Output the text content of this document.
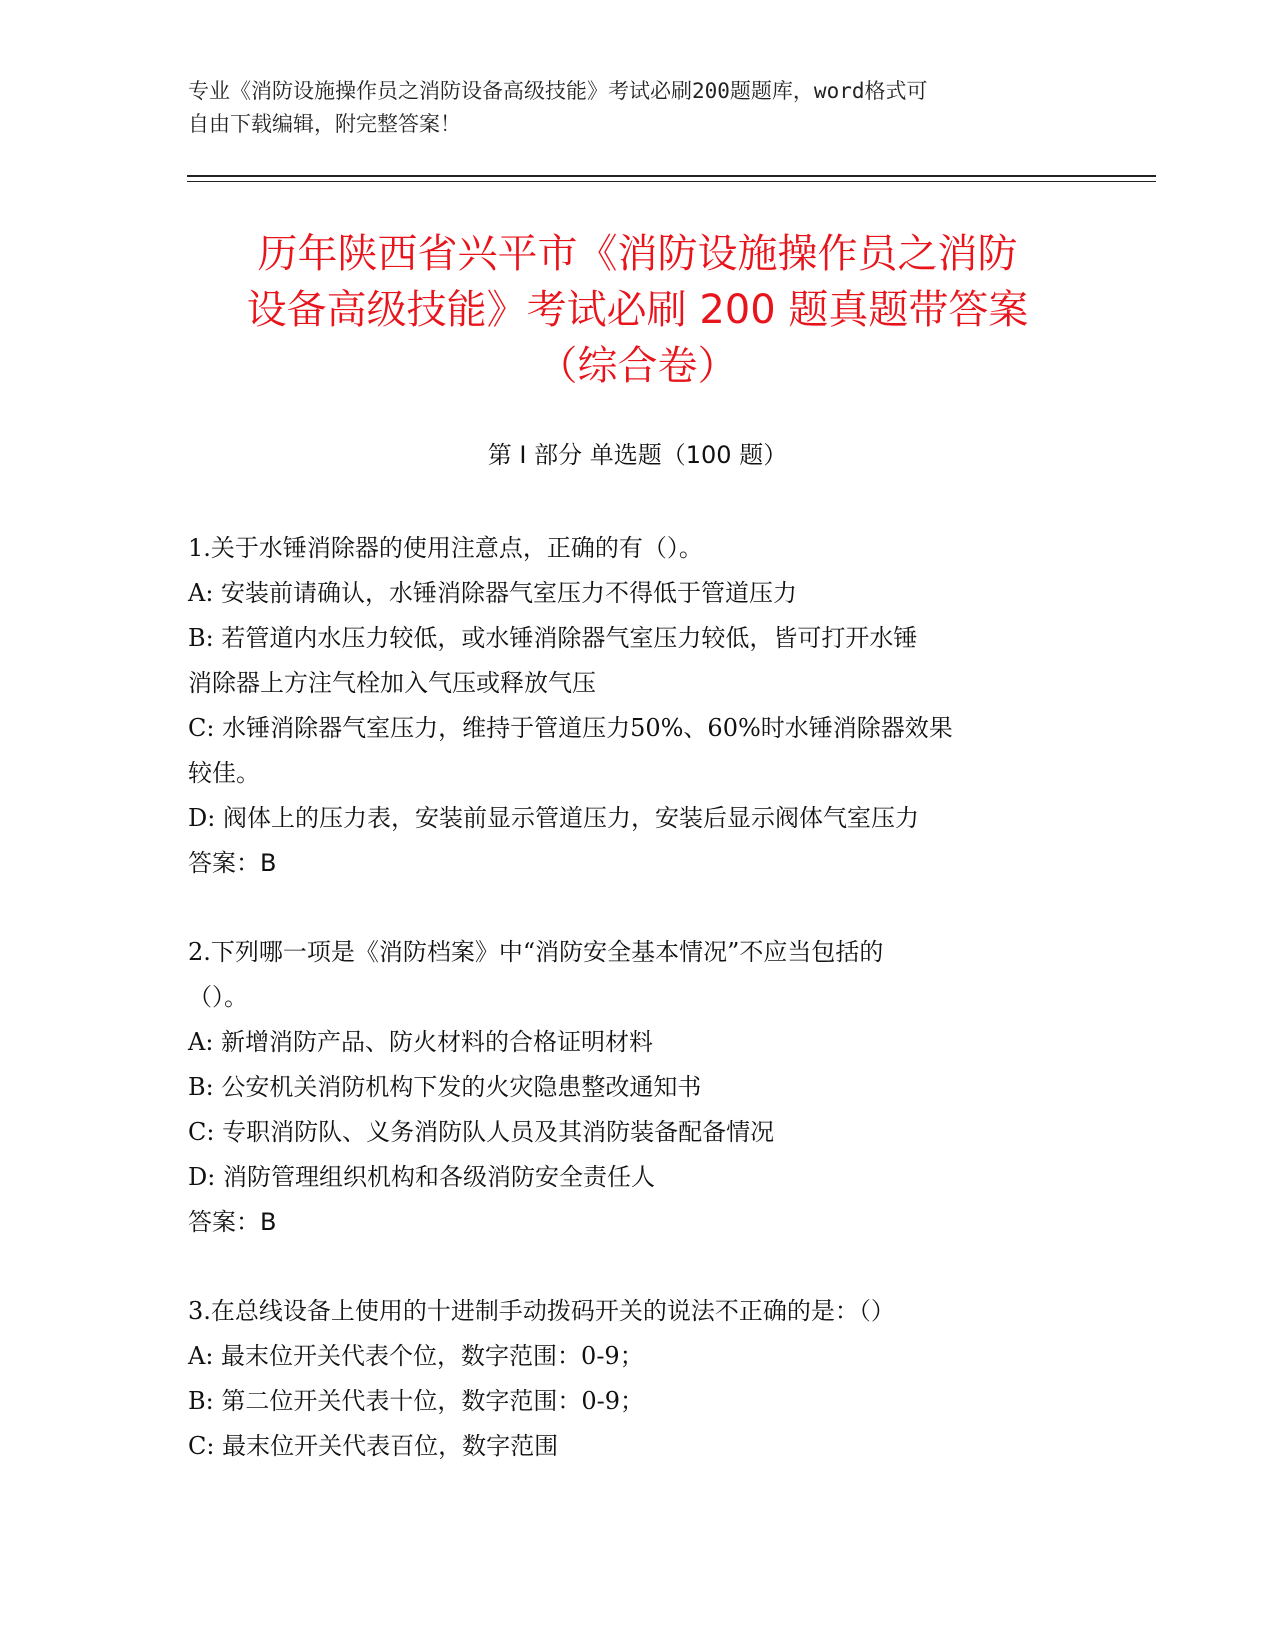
专业《消防设施操作员之消防设备高级技能》考试必刷200题题库，word格式可
自由下载编辑，附完整答案！
历年陕西省兴平市《消防设施操作员之消防
设备高级技能》考试必刷 200 题真题带答案
（综合卷）
第 I 部分 单选题（100 题）
1.关于水锤消除器的使用注意点，正确的有（）。
A: 安装前请确认，水锤消除器气室压力不得低于管道压力
B: 若管道内水压力较低，或水锤消除器气室压力较低，皆可打开水锤
消除器上方注气栓加入气压或释放气压
C: 水锤消除器气室压力，维持于管道压力50%、60%时水锤消除器效果
较佳。
D: 阀体上的压力表，安装前显示管道压力，安装后显示阀体气室压力
答案：B
2.下列哪一项是《消防档案》中“消防安全基本情况”不应当包括的
（）。
A: 新增消防产品、防火材料的合格证明材料
B: 公安机关消防机构下发的火灾隐患整改通知书
C: 专职消防队、义务消防队人员及其消防装备配备情况
D: 消防管理组织机构和各级消防安全责任人
答案：B
3.在总线设备上使用的十进制手动拨码开关的说法不正确的是：（）
A: 最末位开关代表个位，数字范围：0-9；
B: 第二位开关代表十位，数字范围：0-9；
C: 最末位开关代表百位，数字范围
